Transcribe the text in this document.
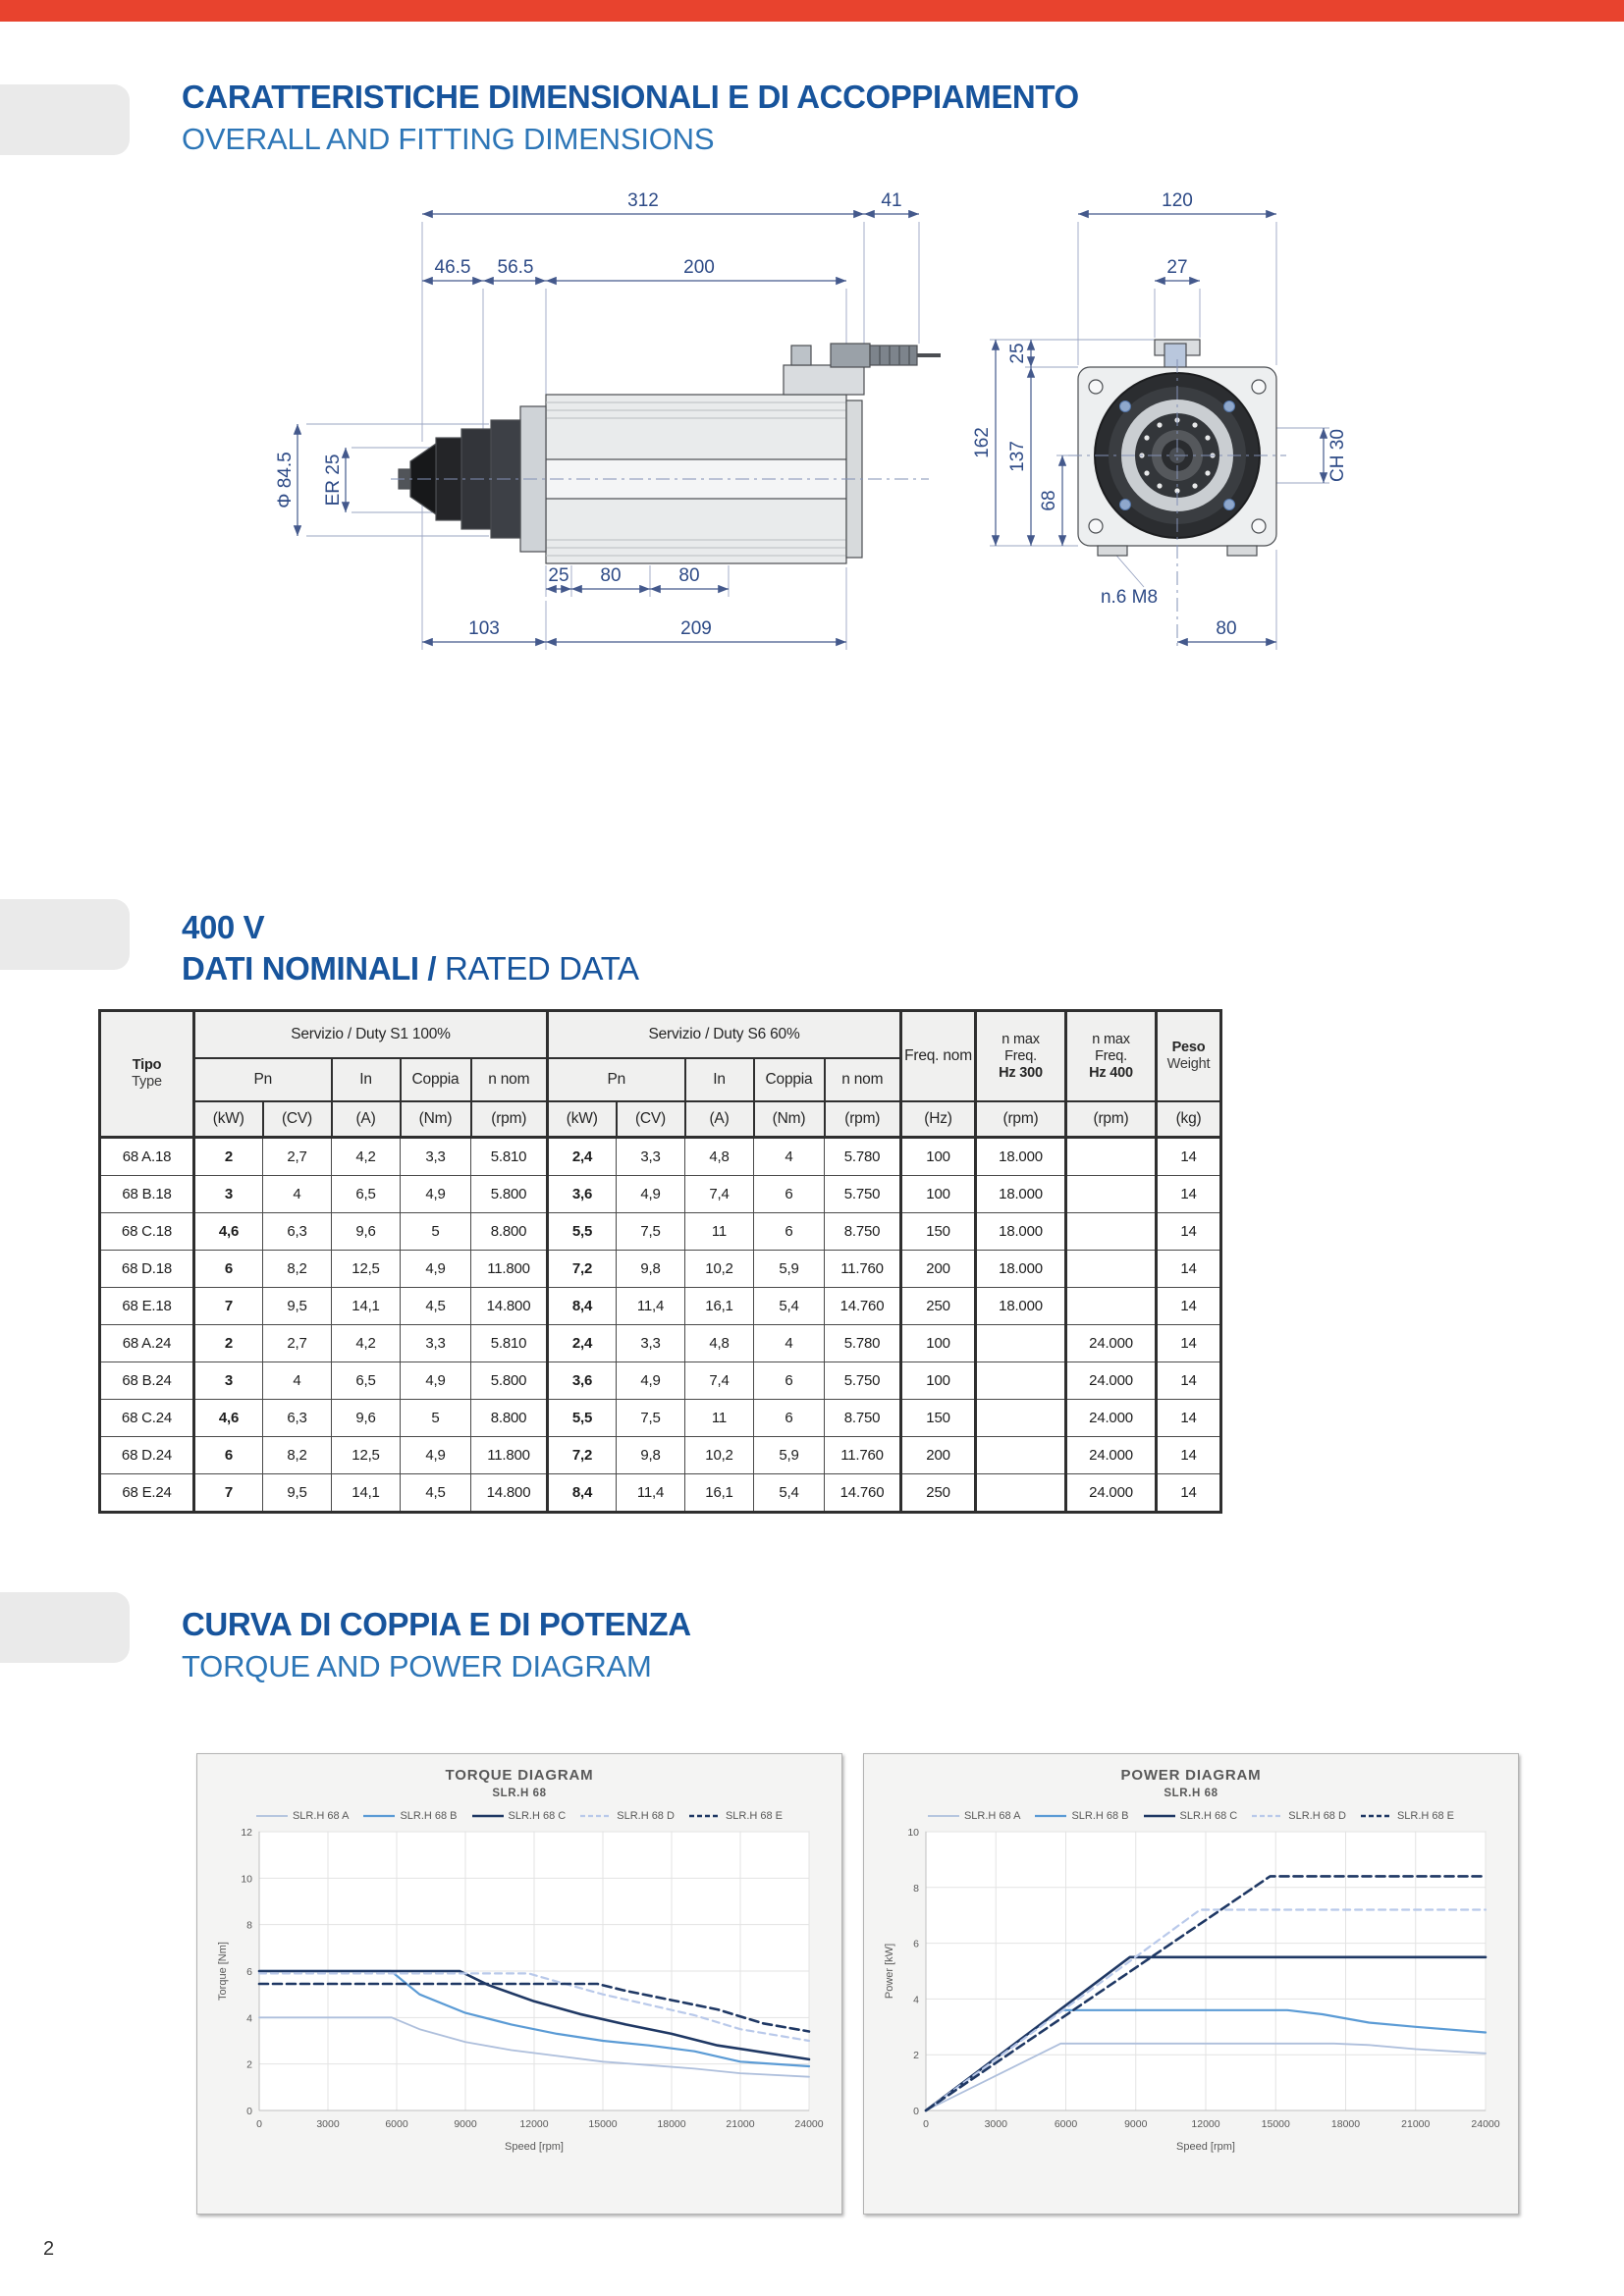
CARATTERISTICHE DIMENSIONALI E DI ACCOPPIAMENTO
OVERALL AND FITTING DIMENSIONS
312	41
46.5 56.5	200
Φ 84.5 ER 25
25 80	80
103	209
120
27
162
25
137
68
CH 30
n.6 M8
80
400 V
DATI NOMINALI / RATED DATA
Tipo
Type	Servizio / Duty S1 100%					Servizio / Duty S6 60%					Freq. nom	n max
Freq.
Hz 300	n max
Freq.
Hz 400	Peso
Weight

	Pn		In	Coppia	n nom	Pn		In	Coppia	n nom				
	(kW)	(CV)	(A)	(Nm)	(rpm)	(kW)	(CV)	(A)	(Nm)	(rpm)	(Hz)	(rpm)	(rpm)	(kg)
68 A.18	2	2,7	4,2	3,3	5.810	2,4	3,3	4,8	4	5.780	100	18.000		14
68 B.18	3	4	6,5	4,9	5.800	3,6	4,9	7,4	6	5.750	100	18.000		14
68 C.18	4,6	6,3	9,6	5	8.800	5,5	7,5	11	6	8.750	150	18.000		14
68 D.18	6	8,2	12,5	4,9	11.800	7,2	9,8	10,2	5,9	11.760	200	18.000		14
68 E.18	7	9,5	14,1	4,5	14.800	8,4	11,4	16,1	5,4	14.760	250	18.000		14
68 A.24	2	2,7	4,2	3,3	5.810	2,4	3,3	4,8	4	5.780	100		24.000	14
68 B.24	3	4	6,5	4,9	5.800	3,6	4,9	7,4	6	5.750	100		24.000	14
68 C.24	4,6	6,3	9,6	5	8.800	5,5	7,5	11	6	8.750	150		24.000	14
68 D.24	6	8,2	12,5	4,9	11.800	7,2	9,8	10,2	5,9	11.760	200		24.000	14
68 E.24	7	9,5	14,1	4,5	14.800	8,4	11,4	16,1	5,4	14.760	250		24.000	14
CURVA DI COPPIA E DI POTENZA
TORQUE AND POWER DIAGRAM
TORQUE DIAGRAM
SLR.H 68
SLR.H 68 A	SLR.H 68 B	SLR.H 68 C	SLR.H 68 D	SLR.H 68 E
0	3000	6000	9000	12000	15000	18000	21000	24000
0
2
4
6
8
10
12
Speed [rpm]
Torque [Nm]
POWER DIAGRAM
SLR.H 68
SLR.H 68 A	SLR.H 68 B	SLR.H 68 C	SLR.H 68 D	SLR.H 68 E
0	3000	6000	9000	12000	15000	18000	21000	24000
0
2
4
6
8
10
Speed [rpm]
Power [kW]
2
